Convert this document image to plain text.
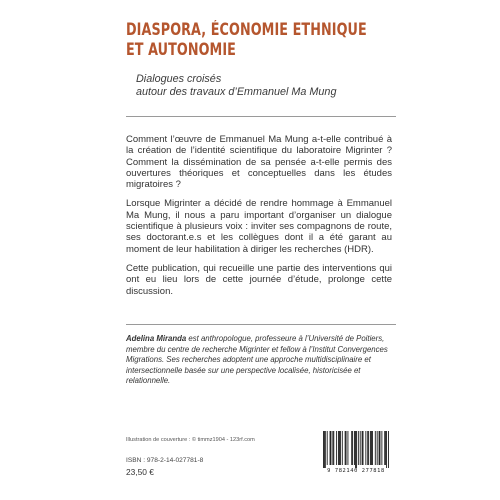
DIASPORA, ÉCONOMIE ETHNIQUE
ET AUTONOMIE
Dialogues croisés
autour des travaux d’Emmanuel Ma Mung

Comment l’œuvre de Emmanuel Ma Mung a-t-elle contribué à la création de l’identité scientifique du laboratoire Migrinter ? Comment la dissémination de sa pensée a-t-elle permis des ouvertures théoriques et conceptuelles dans les études migratoires ?

Lorsque Migrinter a décidé de rendre hommage à Emmanuel Ma Mung, il nous a paru important d’organiser un dialogue scientifique à plusieurs voix : inviter ses compagnons de route, ses doctorant.e.s et les collègues dont il a été garant au moment de leur habilitation à diriger les recherches (HDR).

Cette publication, qui recueille une partie des interventions qui ont eu lieu lors de cette journée d’étude, prolonge cette discussion.

Adelina Miranda est anthropologue, professeure à l’Université de Poitiers, membre du centre de recherche Migrinter et fellow à l’Institut Convergences Migrations. Ses recherches adoptent une approche multidisciplinaire et intersectionnelle basée sur une perspective localisée, historicisée et relationnelle.

Illustration de couverture : © timmz1904 - 123rf.com
ISBN : 978-2-14-027781-8
23,50 €	9 782140 277818
